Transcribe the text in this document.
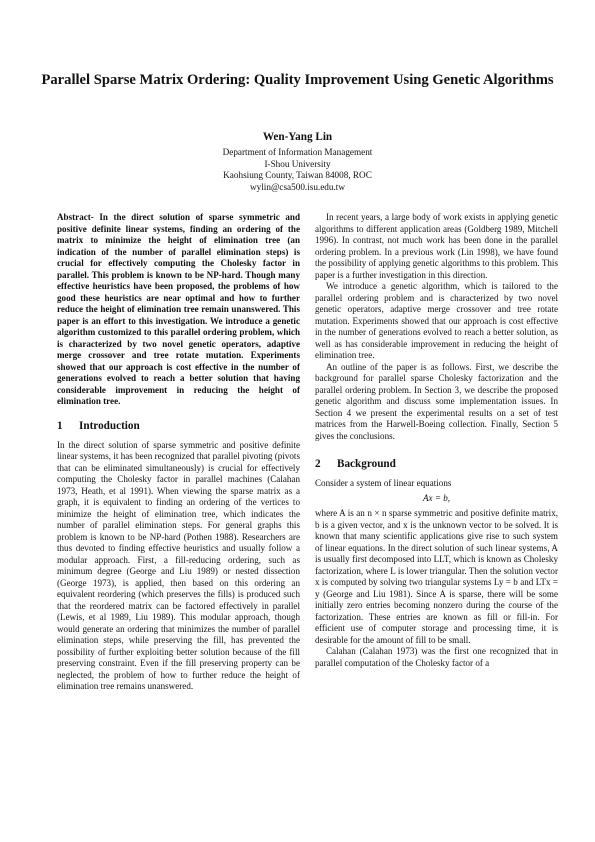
Parallel Sparse Matrix Ordering: Quality Improvement Using Genetic Algorithms
Wen-Yang Lin
Department of Information Management
I-Shou University
Kaohsiung County, Taiwan 84008, ROC
wylin@csa500.isu.edu.tw

Abstract- In the direct solution of sparse symmetric and positive definite linear systems, finding an ordering of the matrix to minimize the height of elimination tree (an indication of the number of parallel elimination steps) is crucial for effectively computing the Cholesky factor in parallel. This problem is known to be NP-hard. Though many effective heuristics have been proposed, the problems of how good these heuristics are near optimal and how to further reduce the height of elimination tree remain unanswered. This paper is an effort to this investigation. We introduce a genetic algorithm customized to this parallel ordering problem, which is characterized by two novel genetic operators, adaptive merge crossover and tree rotate mutation. Experiments showed that our approach is cost effective in the number of generations evolved to reach a better solution that having considerable improvement in reducing the height of elimination tree.

1 Introduction

In the direct solution of sparse symmetric and positive definite linear systems, it has been recognized that parallel pivoting (pivots that can be eliminated simultaneously) is crucial for effectively computing the Cholesky factor in parallel machines (Calahan 1973, Heath, et al 1991). When viewing the sparse matrix as a graph, it is equivalent to finding an ordering of the vertices to minimize the height of elimination tree, which indicates the number of parallel elimination steps. For general graphs this problem is known to be NP-hard (Pothen 1988). Researchers are thus devoted to finding effective heuristics and usually follow a modular approach. First, a fill-reducing ordering, such as minimum degree (George and Liu 1989) or nested dissection (George 1973), is applied, then based on this ordering an equivalent reordering (which preserves the fills) is produced such that the reordered matrix can be factored effectively in parallel (Lewis, et al 1989, Liu 1989). This modular approach, though would generate an ordering that minimizes the number of parallel elimination steps, while preserving the fill, has prevented the possibility of further exploiting better solution because of the fill preserving constraint. Even if the fill preserving property can be neglected, the problem of how to further reduce the height of elimination tree remains unanswered.

In recent years, a large body of work exists in applying genetic algorithms to different application areas (Goldberg 1989, Mitchell 1996). In contrast, not much work has been done in the parallel ordering problem. In a previous work (Lin 1998), we have found the possibility of applying genetic algorithms to this problem. This paper is a further investigation in this direction.

We introduce a genetic algorithm, which is tailored to the parallel ordering problem and is characterized by two novel genetic operators, adaptive merge crossover and tree rotate mutation. Experiments showed that our approach is cost effective in the number of generations evolved to reach a better solution, as well as has considerable improvement in reducing the height of elimination tree.

An outline of the paper is as follows. First, we describe the background for parallel sparse Cholesky factorization and the parallel ordering problem. In Section 3, we describe the proposed genetic algorithm and discuss some implementation issues. In Section 4 we present the experimental results on a set of test matrices from the Harwell-Boeing collection. Finally, Section 5 gives the conclusions.

2 Background

Consider a system of linear equations

Ax = b,

where A is an n × n sparse symmetric and positive definite matrix, b is a given vector, and x is the unknown vector to be solved. It is known that many scientific applications give rise to such system of linear equations. In the direct solution of such linear systems, A is usually first decomposed into LLT, which is known as Cholesky factorization, where L is lower triangular. Then the solution vector x is computed by solving two triangular systems Ly = b and LTx = y (George and Liu 1981). Since A is sparse, there will be some initially zero entries becoming nonzero during the course of the factorization. These entries are known as fill or fill-in. For efficient use of computer storage and processing time, it is desirable for the amount of fill to be small.

Calahan (Calahan 1973) was the first one recognized that in parallel computation of the Cholesky factor of a
